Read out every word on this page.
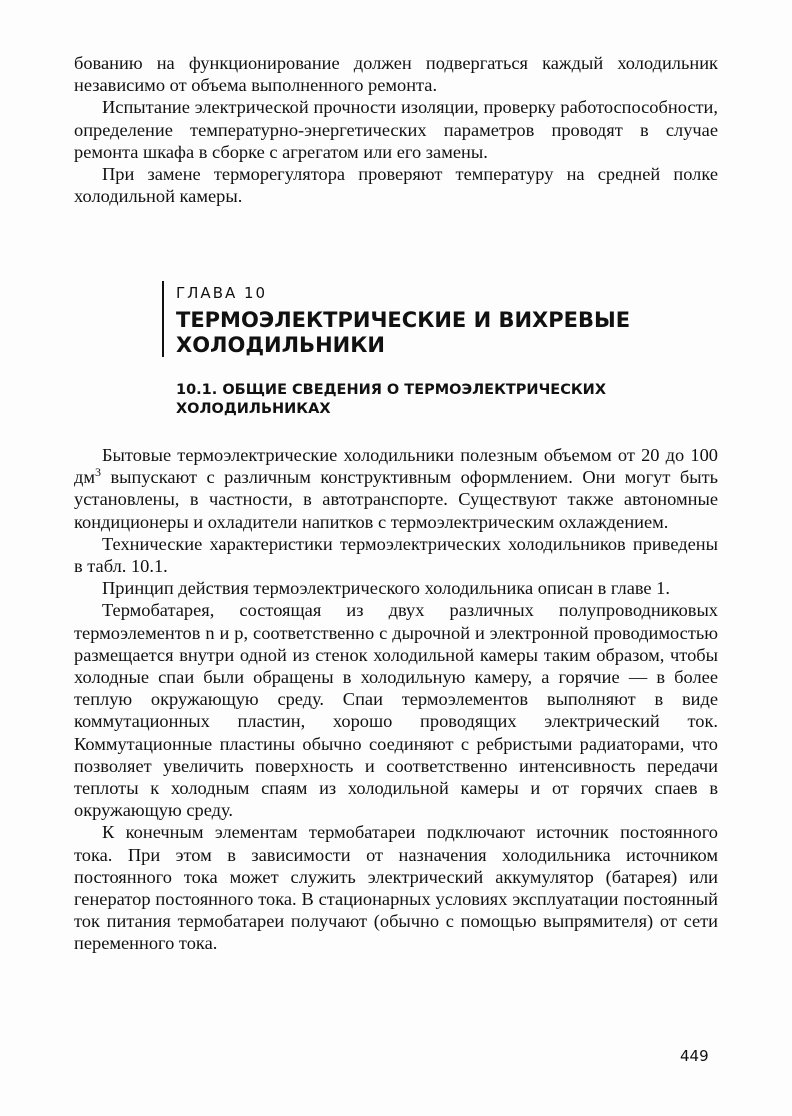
бованию на функционирование должен подвергаться каждый холодильник независимо от объема выполненного ремонта.

Испытание электрической прочности изоляции, проверку работоспособности, определение температурно-энергетических параметров проводят в случае ремонта шкафа в сборке с агрегатом или его замены.

При замене терморегулятора проверяют температуру на средней полке холодильной камеры.

ГЛАВА 10
ТЕРМОЭЛЕКТРИЧЕСКИЕ И ВИХРЕВЫЕ
ХОЛОДИЛЬНИКИ
10.1. ОБЩИЕ СВЕДЕНИЯ О ТЕРМОЭЛЕКТРИЧЕСКИХ
ХОЛОДИЛЬНИКАХ

Бытовые термоэлектрические холодильники полезным объемом от 20 до 100 $дм^3$ выпускают с различным конструктивным оформлением. Они могут быть установлены, в частности, в автотранспорте. Существуют также автономные кондиционеры и охладители напитков с термоэлектрическим охлаждением.

Технические характеристики термоэлектрических холодильников приведены в табл. 10.1.

Принцип действия термоэлектрического холодильника описан в главе 1.

Термобатарея, состоящая из двух различных полупроводниковых термоэлементов n и p, соответственно с дырочной и электронной проводимостью размещается внутри одной из стенок холодильной камеры таким образом, чтобы холодные спаи были обращены в холодильную камеру, а горячие — в более теплую окружающую среду. Спаи термоэлементов выполняют в виде коммутационных пластин, хорошо проводящих электрический ток. Коммутационные пластины обычно соединяют с ребристыми радиаторами, что позволяет увеличить поверхность и соответственно интенсивность передачи теплоты к холодным спаям из холодильной камеры и от горячих спаев в окружающую среду.

К конечным элементам термобатареи подключают источник постоянного тока. При этом в зависимости от назначения холодильника источником постоянного тока может служить электрический аккумулятор (батарея) или генератор постоянного тока. В стационарных условиях эксплуатации постоянный ток питания термобатареи получают (обычно с помощью выпрямителя) от сети переменного тока.

449
